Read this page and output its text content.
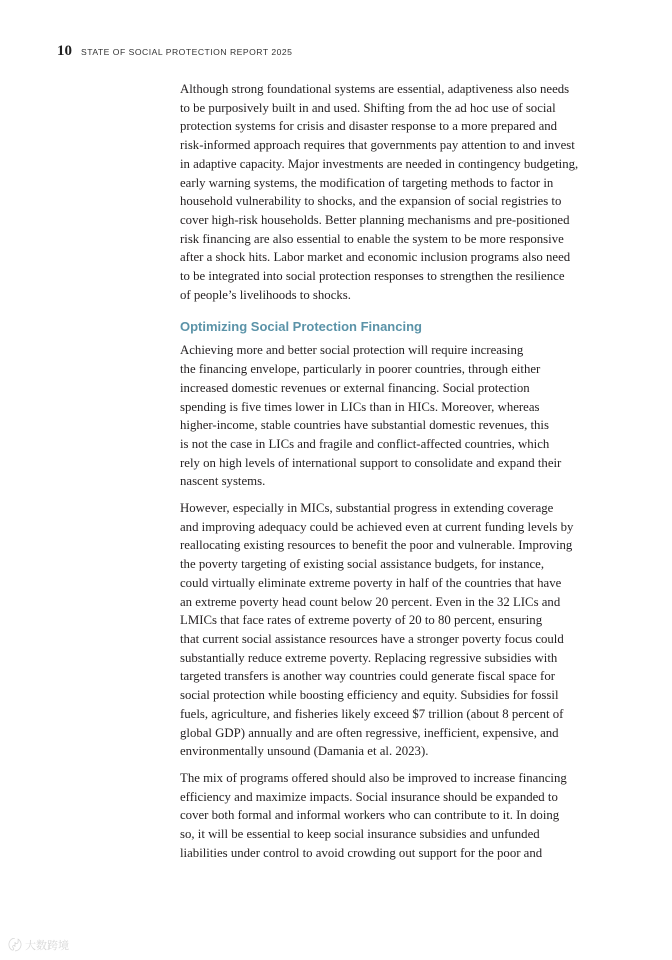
10 STATE OF SOCIAL PROTECTION REPORT 2025

Although strong foundational systems are essential, adaptiveness also needs
to be purposively built in and used. Shifting from the ad hoc use of social
protection systems for crisis and disaster response to a more prepared and
risk-informed approach requires that governments pay attention to and invest
in adaptive capacity. Major investments are needed in contingency budgeting,
early warning systems, the modification of targeting methods to factor in
household vulnerability to shocks, and the expansion of social registries to
cover high-risk households. Better planning mechanisms and pre-positioned
risk financing are also essential to enable the system to be more responsive
after a shock hits. Labor market and economic inclusion programs also need
to be integrated into social protection responses to strengthen the resilience
of people’s livelihoods to shocks.

Optimizing Social Protection Financing

Achieving more and better social protection will require increasing
the financing envelope, particularly in poorer countries, through either
increased domestic revenues or external financing. Social protection
spending is five times lower in LICs than in HICs. Moreover, whereas
higher-income, stable countries have substantial domestic revenues, this
is not the case in LICs and fragile and conflict-affected countries, which
rely on high levels of international support to consolidate and expand their
nascent systems.

However, especially in MICs, substantial progress in extending coverage
and improving adequacy could be achieved even at current funding levels by
reallocating existing resources to benefit the poor and vulnerable. Improving
the poverty targeting of existing social assistance budgets, for instance,
could virtually eliminate extreme poverty in half of the countries that have
an extreme poverty head count below 20 percent. Even in the 32 LICs and
LMICs that face rates of extreme poverty of 20 to 80 percent, ensuring
that current social assistance resources have a stronger poverty focus could
substantially reduce extreme poverty. Replacing regressive subsidies with
targeted transfers is another way countries could generate fiscal space for
social protection while boosting efficiency and equity. Subsidies for fossil
fuels, agriculture, and fisheries likely exceed $7 trillion (about 8 percent of
global GDP) annually and are often regressive, inefficient, expensive, and
environmentally unsound (Damania et al. 2023).

The mix of programs offered should also be improved to increase financing
efficiency and maximize impacts. Social insurance should be expanded to
cover both formal and informal workers who can contribute to it. In doing
so, it will be essential to keep social insurance subsidies and unfunded
liabilities under control to avoid crowding out support for the poor and

〄 大数跨境
